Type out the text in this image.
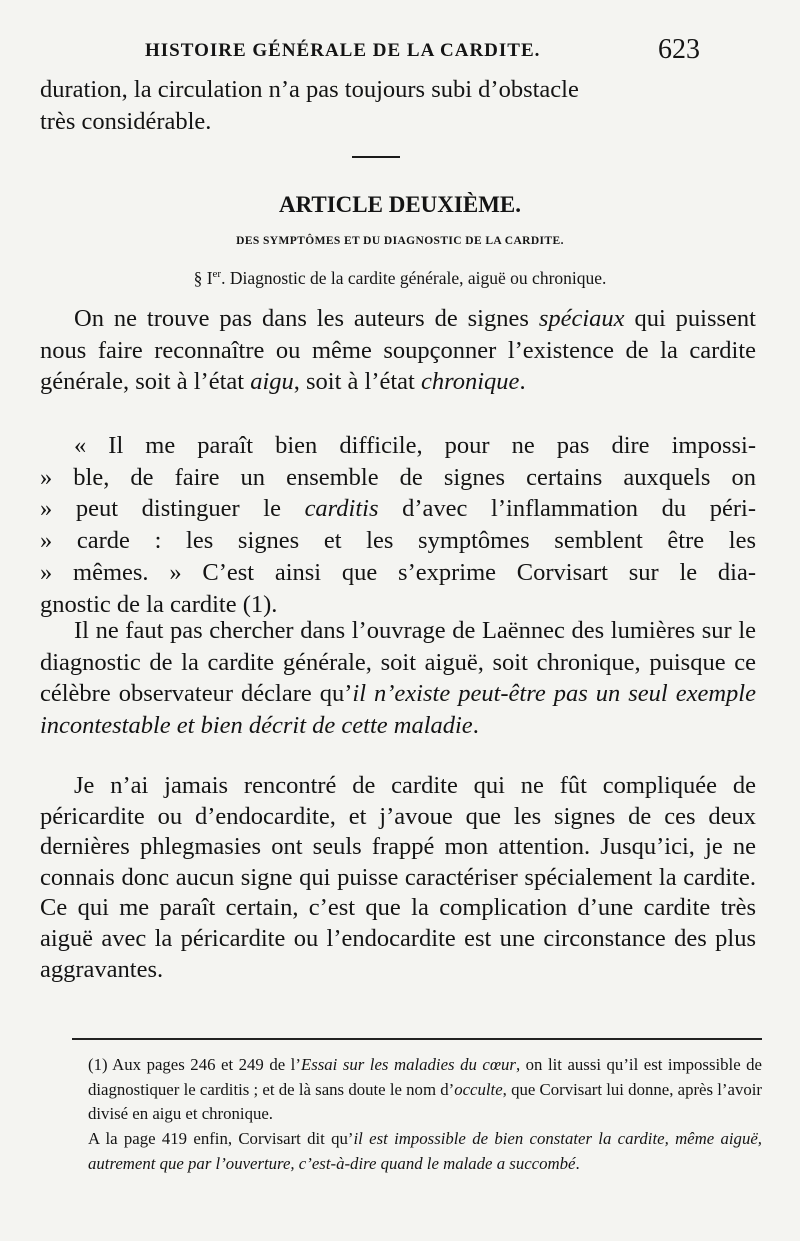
HISTOIRE GÉNÉRALE DE LA CARDITE.	623

duration, la circulation n’a pas toujours subi d’obstacle

très considérable.

ARTICLE DEUXIÈME.
DES SYMPTÔMES ET DU DIAGNOSTIC DE LA CARDITE.
§ Ier. Diagnostic de la cardite générale, aiguë ou chronique.

On ne trouve pas dans les auteurs de signes spéciaux qui puissent nous faire reconnaître ou même soupçonner l’existence de la cardite générale, soit à l’état aigu, soit à l’état chronique.

« Il me paraît bien difficile, pour ne pas dire impossi-

» ble, de faire un ensemble de signes certains auxquels on

» peut distinguer le carditis d’avec l’inflammation du péri-

» carde : les signes et les symptômes semblent être les

» mêmes. » C’est ainsi que s’exprime Corvisart sur le dia-

gnostic de la cardite (1).

Il ne faut pas chercher dans l’ouvrage de Laënnec des lumières sur le diagnostic de la cardite générale, soit aiguë, soit chronique, puisque ce célèbre observateur déclare qu’il n’existe peut-être pas un seul exemple incontestable et bien décrit de cette maladie.

Je n’ai jamais rencontré de cardite qui ne fût compliquée de péricardite ou d’endocardite, et j’avoue que les signes de ces deux dernières phlegmasies ont seuls frappé mon attention. Jusqu’ici, je ne connais donc aucun signe qui puisse caractériser spécialement la cardite. Ce qui me paraît certain, c’est que la complication d’une cardite très aiguë avec la péricardite ou l’endocardite est une circonstance des plus aggravantes.

(1) Aux pages 246 et 249 de l’Essai sur les maladies du cœur, on lit aussi qu’il est impossible de diagnostiquer le carditis ; et de là sans doute le nom d’occulte, que Corvisart lui donne, après l’avoir divisé en aigu et chronique.

A la page 419 enfin, Corvisart dit qu’il est impossible de bien constater la cardite, même aiguë, autrement que par l’ouverture, c’est-à-dire quand le malade a succombé.
